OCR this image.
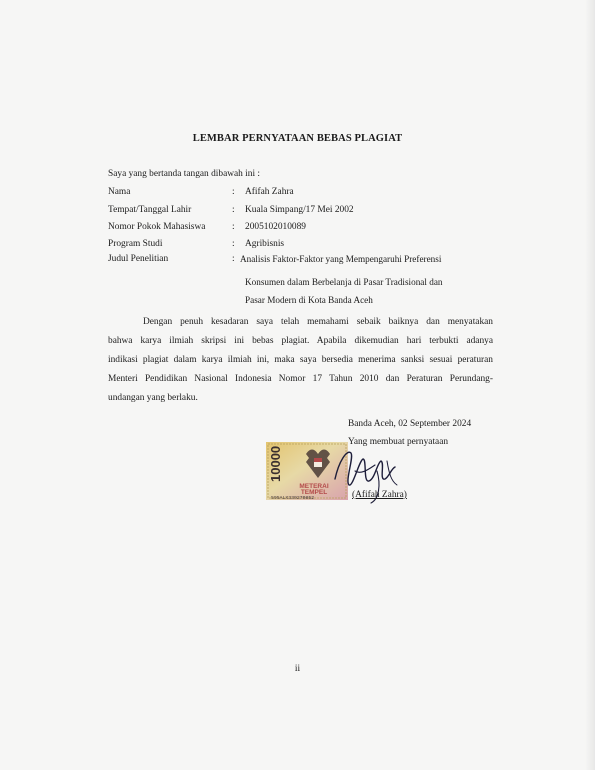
LEMBAR PERNYATAAN BEBAS PLAGIAT
Saya yang bertanda tangan dibawah ini :
Nama	: Afifah Zahra
Tempat/Tanggal Lahir	: Kuala Simpang/17 Mei 2002
Nomor Pokok Mahasiswa	: 2005102010089
Program Studi	: Agribisnis
Judul Penelitian	: Analisis Faktor-Faktor yang Mempengaruhi Preferensi
Konsumen dalam Berbelanja di Pasar Tradisional dan
Pasar Modern di Kota Banda Aceh
Dengan penuh kesadaran saya telah memahami sebaik baiknya dan menyatakan
bahwa karya ilmiah skripsi ini bebas plagiat. Apabila dikemudian hari terbukti adanya
indikasi plagiat dalam karya ilmiah ini, maka saya bersedia menerima sanksi sesuai peraturan
Menteri Pendidikan Nasional Indonesia Nomor 17 Tahun 2010 dan Peraturan Perundang-
undangan yang berlaku.
Banda Aceh, 02 September 2024
Yang membuat pernyataan
10000
METERAI
TEMPEL
595ALX339270852	(Afifah Zahra)
ii
